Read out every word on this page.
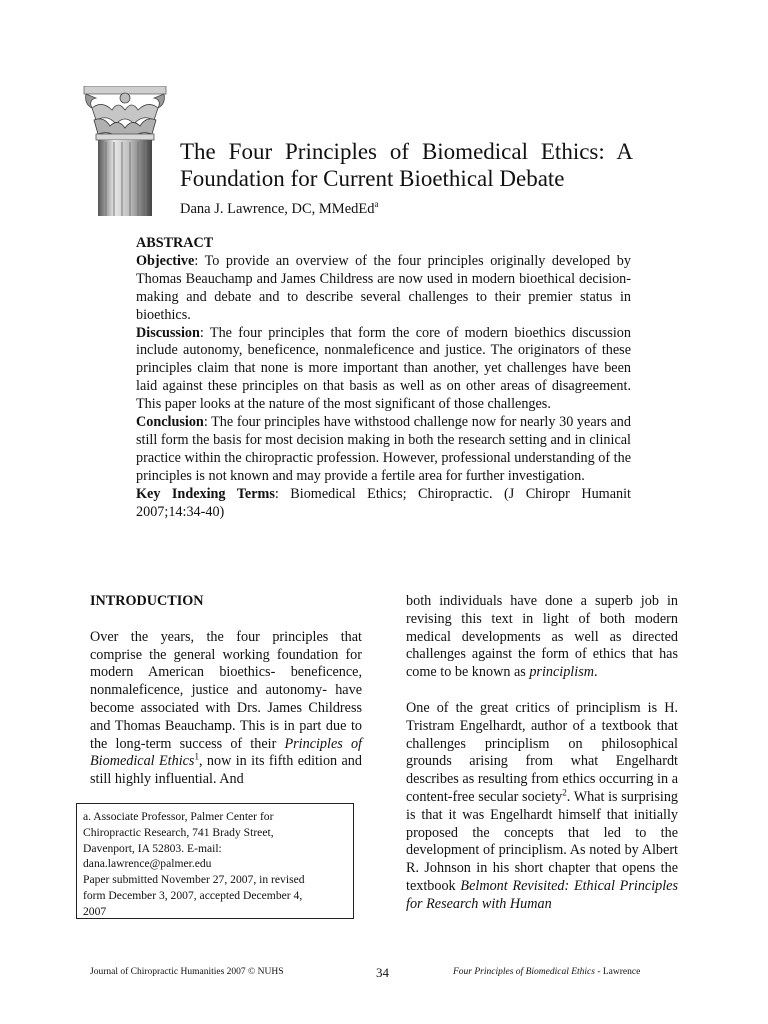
The Four Principles of Biomedical Ethics: A
Foundation for Current Bioethical Debate
Dana J. Lawrence, DC, MMedEd$^a$

ABSTRACT

Objective: To provide an overview of the four principles originally developed by Thomas Beauchamp and James Childress are now used in modern bioethical decision-making and debate and to describe several challenges to their premier status in bioethics.

Discussion: The four principles that form the core of modern bioethics discussion include autonomy, beneficence, nonmaleficence and justice. The originators of these principles claim that none is more important than another, yet challenges have been laid against these principles on that basis as well as on other areas of disagreement. This paper looks at the nature of the most significant of those challenges.

Conclusion: The four principles have withstood challenge now for nearly 30 years and still form the basis for most decision making in both the research setting and in clinical practice within the chiropractic profession. However, professional understanding of the principles is not known and may provide a fertile area for further investigation.

Key Indexing Terms: Biomedical Ethics; Chiropractic. (J Chiropr Humanit 2007;14:34-40)

INTRODUCTION

Over the years, the four principles that comprise the general working foundation for modern American bioethics- beneficence, nonmaleficence, justice and autonomy- have become associated with Drs. James Childress and Thomas Beauchamp. This is in part due to the long-term success of their Principles of Biomedical Ethics$^1$, now in its fifth edition and still highly influential. And

both individuals have done a superb job in revising this text in light of both modern medical developments as well as directed challenges against the form of ethics that has come to be known as principlism.

One of the great critics of principlism is H. Tristram Engelhardt, author of a textbook that challenges principlism on philosophical grounds arising from what Engelhardt describes as resulting from ethics occurring in a content-free secular society$^2$. What is surprising is that it was Engelhardt himself that initially proposed the concepts that led to the development of principlism. As noted by Albert R. Johnson in his short chapter that opens the textbook Belmont Revisited: Ethical Principles for Research with Human

a. Associate Professor, Palmer Center for
Chiropractic Research, 741 Brady Street,
Davenport, IA 52803. E-mail:
dana.lawrence@palmer.edu
Paper submitted November 27, 2007, in revised
form December 3, 2007, accepted December 4,
2007
Journal of Chiropractic Humanities 2007 © NUHS	34	Four Principles of Biomedical Ethics - Lawrence
